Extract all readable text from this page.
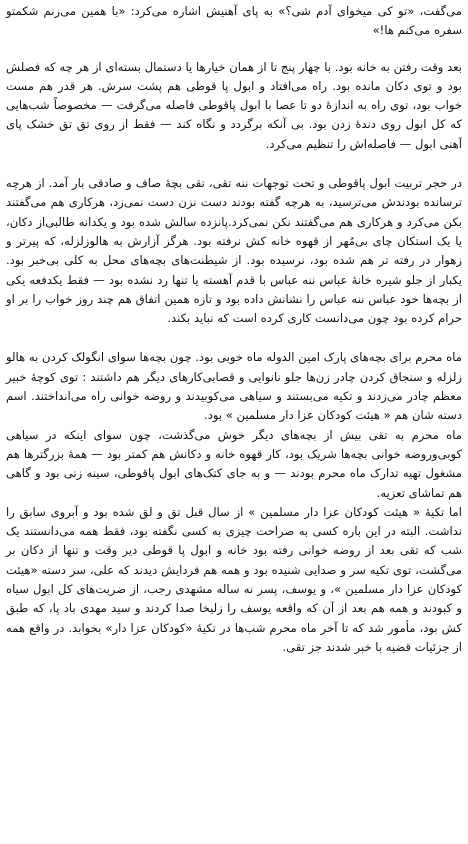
می‌گفت، «تو کی میخوای آدم شی؟» به پای آهنیش اشاره می‌کرد: «با همین می‌زنم شکمتو سفره می‌کنم ها!»

بعد وقت رفتن به خانه بود. با چهار پنج تا از همان خیارها یا دستمال بسته‌ای از هر چه که فصلش بود و توی دکان مانده بود. راه می‌افتاد و ابول پا قوطی هم پشت سرش. هر قدر هم مست خواب بود، توی راه به اندازهٔ دو تا عصا با ابول پاقوطی فاصله می‌گرفت — مخصوصاً شب‌هایی که کل ابول روی دندهٔ زدن بود. بی آنکه برگردد و نگاه کند — فقط از روی تق تق خشک پای آهنی ابول — فاصله‌اش را تنظیم می‌کرد.

در حجر تربیت ابول پاقوطی و تحت توجهات ننه تقی، تقی بچهٔ صاف و صادقی بار آمد. از هرچه ترسانده بودندش می‌ترسید، به هرچه گفته بودند دست نزن دست نمی‌زد، هرکاری هم می‌گفتند بکن می‌کرد و هرکاری هم می‌گفتند نکن نمی‌کرد.پانزده سالش شده بود و یکدانه طالبی‌از دکان، یا یک استکان چای بی‌مُهر از قهوه خانه کش نرفته بود. هرگز آزارش به هالوزلزله، که پیرتر و زهوار در رفته تر هم شده بود، نرسیده بود. از شیطنت‌های بچه‌های محل به کلی بی‌خبر بود. یکبار از جلو شیره خانهٔ عباس ننه عباس با قدم آهسته یا تنها رد نشده بود — فقط یکدفعه یکی از بچه‌ها خود عباس ننه عباس را نشانش داده بود و تازه همین اتفاق هم چند روز خواب را بر او حرام کرده بود چون می‌دانست کاری کرده است که نباید بکند.

ماه محرم برای بچه‌های پارک امین الدوله ماه خوبی بود. چون بچه‌ها سوای انگولک کردن به هالو زلزله و سنجاق کردن چادر زن‌ها جلو نانوایی و قصابی‌کارهای دیگر هم داشتند : توی کوچهٔ خبیر معظم چادر می‌زدند و تکیه می‌بستند و سیاهی می‌کوبیدند و روضه خوانی راه می‌انداختند. اسم دسته شان هم « هیئت کودکان عزا دار مسلمین » بود.

ماه محرم به تقی بیش از بچه‌های دیگر خوش می‌گذشت، چون سوای اینکه در سیاهی کوبی‌وروضه خوانی بچه‌ها شریک بود، کار قهوه خانه و دکانش هم کمتر بود — همهٔ بزرگترها هم مشغول تهیه تدارک ماه محرم بودند — و به جای کتک‌های ابول پاقوطی، سینه زنی بود و گاهی هم تماشای تعزیه.

اما تکیهٔ « هیئت کودکان عزا دار مسلمین » از سال قبل تق و لق شده بود و آبروی سابق را نداشت. البته در این باره کسی به صراحت چیزی به کسی نگفته بود، فقط همه می‌دانستند یک شب که تقی بعد از روضه خوانی رفته بود خانه و ابول پا قوطی دیر وقت و تنها از دکان بر می‌گشت، توی تکیه سر و صدایی شنیده بود و همه هم فردایش دیدند که علی، سر دسته «هیئت کودکان عزا دار مسلمین »، و یوسف، پسر نه ساله مشهدی رجب، از ضربت‌های کل ابول سیاه و کبودند و همه هم بعد از آن که واقعه یوسف را زلیخا صدا کردند و سید مهدی باد پا، که طبق کش بود، مأمور شد که تا آخر ماه محرم شب‌ها در تکیهٔ «کودکان عزا دار» بخوابد. در واقع همه از جزئیات قضیه با خبر شدند جز تقی.
